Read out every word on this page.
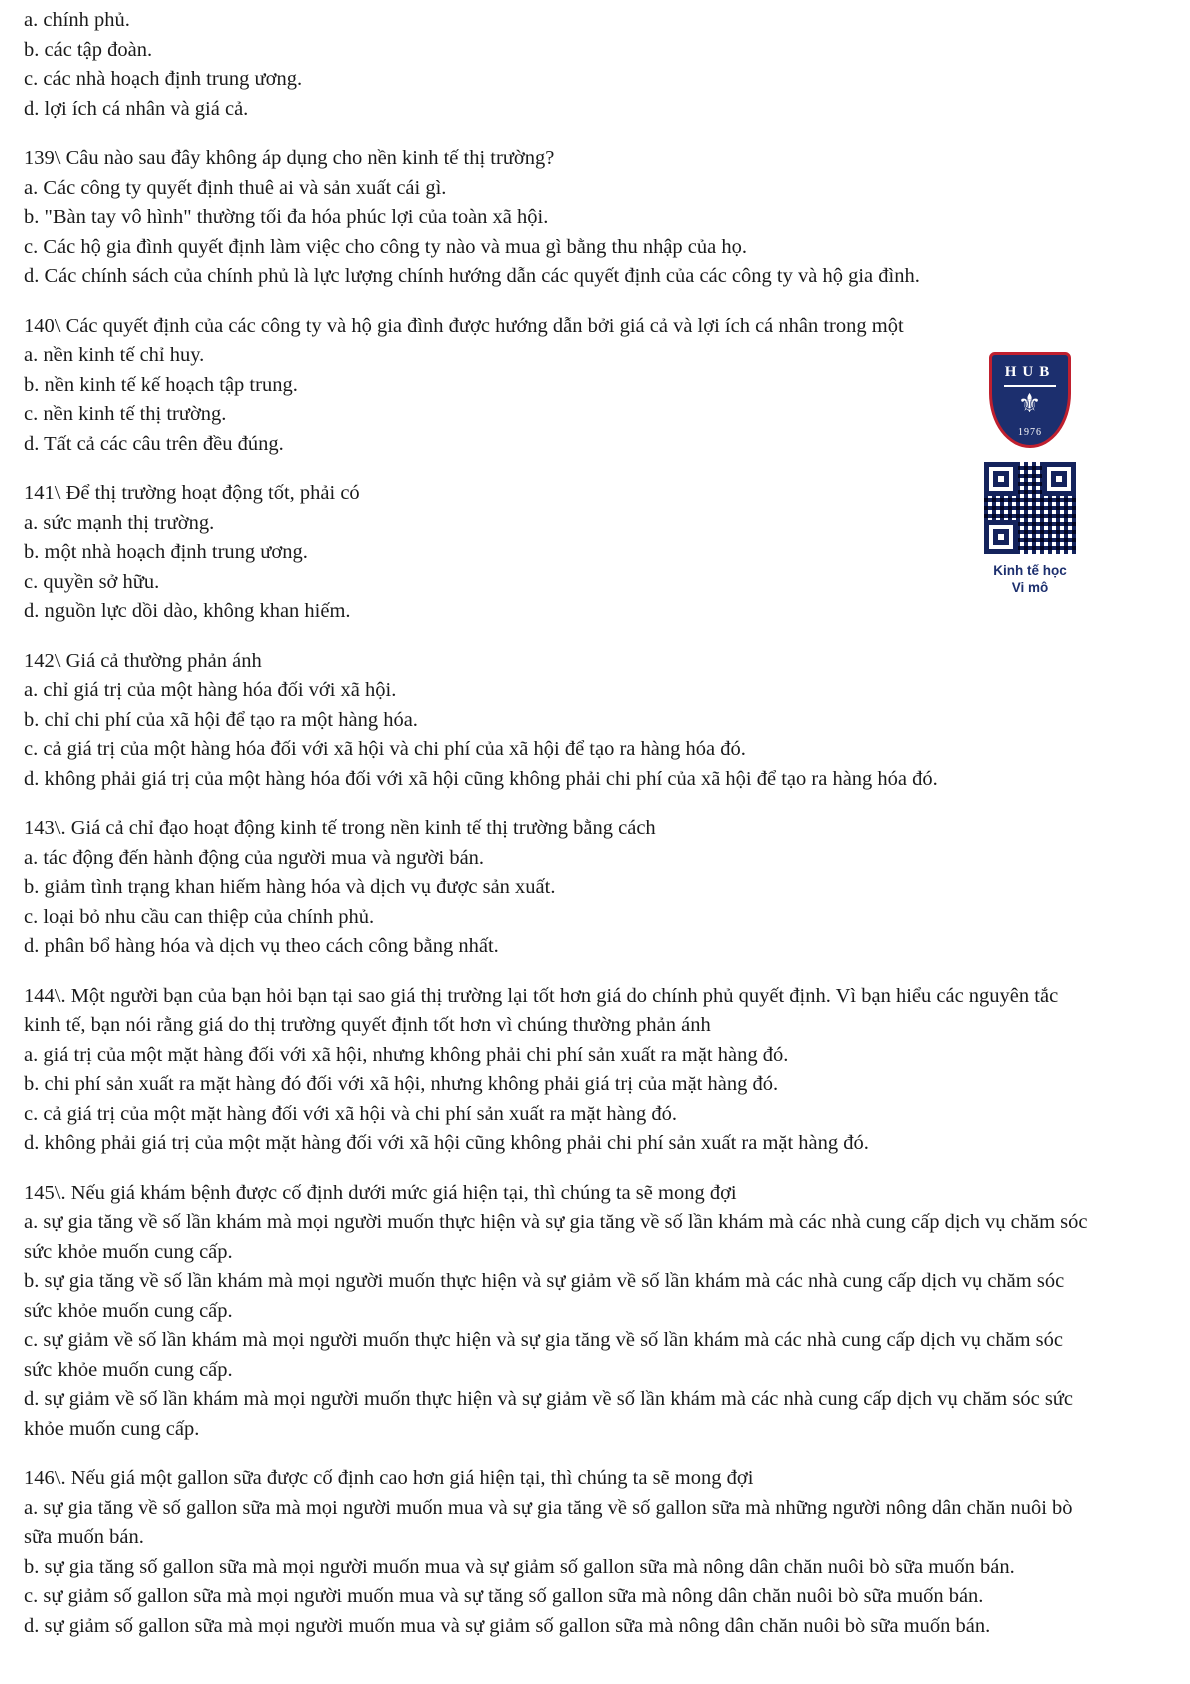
a. chính phủ.
b. các tập đoàn.
c. các nhà hoạch định trung ương.
d. lợi ích cá nhân và giá cả.
139\ Câu nào sau đây không áp dụng cho nền kinh tế thị trường?
a. Các công ty quyết định thuê ai và sản xuất cái gì.
b. "Bàn tay vô hình" thường tối đa hóa phúc lợi của toàn xã hội.
c. Các hộ gia đình quyết định làm việc cho công ty nào và mua gì bằng thu nhập của họ.
d. Các chính sách của chính phủ là lực lượng chính hướng dẫn các quyết định của các công ty và hộ gia đình.
140\ Các quyết định của các công ty và hộ gia đình được hướng dẫn bởi giá cả và lợi ích cá nhân trong một
a. nền kinh tế chỉ huy.
b. nền kinh tế kế hoạch tập trung.
c. nền kinh tế thị trường.
d. Tất cả các câu trên đều đúng.
141\ Để thị trường hoạt động tốt, phải có
a. sức mạnh thị trường.
b. một nhà hoạch định trung ương.
c. quyền sở hữu.
d. nguồn lực dồi dào, không khan hiếm.
142\ Giá cả thường phản ánh
a. chỉ giá trị của một hàng hóa đối với xã hội.
b. chỉ chi phí của xã hội để tạo ra một hàng hóa.
c. cả giá trị của một hàng hóa đối với xã hội và chi phí của xã hội để tạo ra hàng hóa đó.
d. không phải giá trị của một hàng hóa đối với xã hội cũng không phải chi phí của xã hội để tạo ra hàng hóa đó.
143\. Giá cả chỉ đạo hoạt động kinh tế trong nền kinh tế thị trường bằng cách
a. tác động đến hành động của người mua và người bán.
b. giảm tình trạng khan hiếm hàng hóa và dịch vụ được sản xuất.
c. loại bỏ nhu cầu can thiệp của chính phủ.
d. phân bổ hàng hóa và dịch vụ theo cách công bằng nhất.
144\. Một người bạn của bạn hỏi bạn tại sao giá thị trường lại tốt hơn giá do chính phủ quyết định. Vì bạn hiểu các nguyên tắc kinh tế, bạn nói rằng giá do thị trường quyết định tốt hơn vì chúng thường phản ánh
a. giá trị của một mặt hàng đối với xã hội, nhưng không phải chi phí sản xuất ra mặt hàng đó.
b. chi phí sản xuất ra mặt hàng đó đối với xã hội, nhưng không phải giá trị của mặt hàng đó.
c. cả giá trị của một mặt hàng đối với xã hội và chi phí sản xuất ra mặt hàng đó.
d. không phải giá trị của một mặt hàng đối với xã hội cũng không phải chi phí sản xuất ra mặt hàng đó.
145\. Nếu giá khám bệnh được cố định dưới mức giá hiện tại, thì chúng ta sẽ mong đợi
a. sự gia tăng về số lần khám mà mọi người muốn thực hiện và sự gia tăng về số lần khám mà các nhà cung cấp dịch vụ chăm sóc sức khỏe muốn cung cấp.
b. sự gia tăng về số lần khám mà mọi người muốn thực hiện và sự giảm về số lần khám mà các nhà cung cấp dịch vụ chăm sóc sức khỏe muốn cung cấp.
c. sự giảm về số lần khám mà mọi người muốn thực hiện và sự gia tăng về số lần khám mà các nhà cung cấp dịch vụ chăm sóc sức khỏe muốn cung cấp.
d. sự giảm về số lần khám mà mọi người muốn thực hiện và sự giảm về số lần khám mà các nhà cung cấp dịch vụ chăm sóc sức khỏe muốn cung cấp.
146\. Nếu giá một gallon sữa được cố định cao hơn giá hiện tại, thì chúng ta sẽ mong đợi
a. sự gia tăng về số gallon sữa mà mọi người muốn mua và sự gia tăng về số gallon sữa mà những người nông dân chăn nuôi bò sữa muốn bán.
b. sự gia tăng số gallon sữa mà mọi người muốn mua và sự giảm số gallon sữa mà nông dân chăn nuôi bò sữa muốn bán.
c. sự giảm số gallon sữa mà mọi người muốn mua và sự tăng số gallon sữa mà nông dân chăn nuôi bò sữa muốn bán.
d. sự giảm số gallon sữa mà mọi người muốn mua và sự giảm số gallon sữa mà nông dân chăn nuôi bò sữa muốn bán.
HUB
⚜
1976
Kinh tế học
Vi mô
